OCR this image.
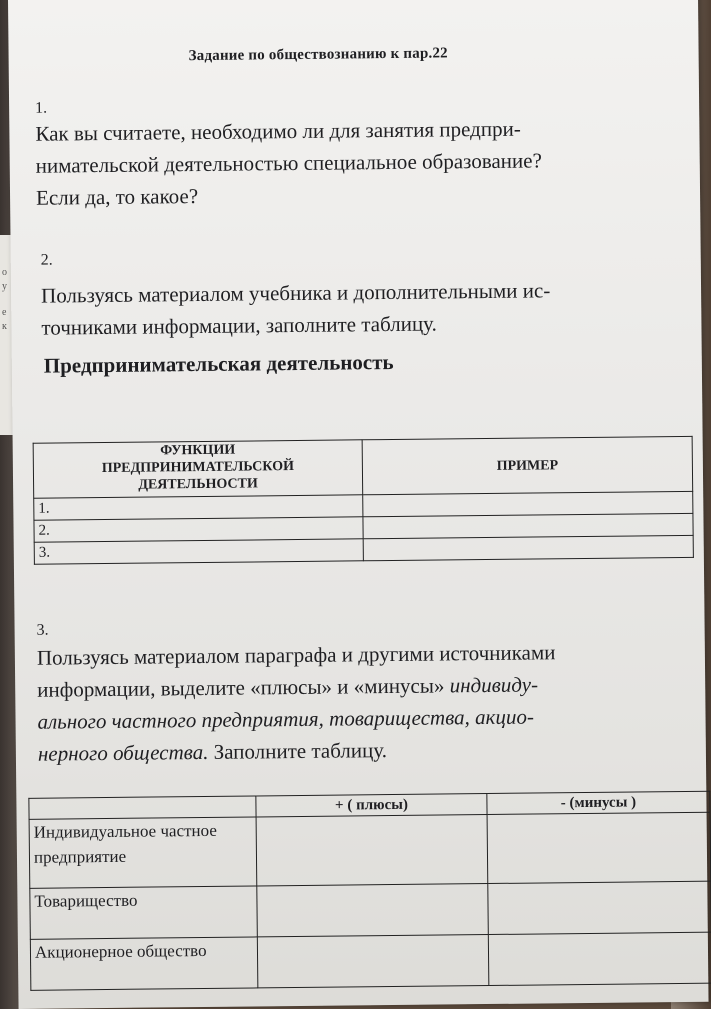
о
у
е
к
Задание по обществознанию к пар.22
1.
Как вы считаете, необходимо ли для занятия предпри-
нимательской деятельностью специальное образование?
Если да, то какое?
2.
Пользуясь материалом учебника и дополнительными ис-
точниками информации, заполните таблицу.
Предпринимательская деятельность
ФУНКЦИИ
ПРЕДПРИНИМАТЕЛЬСКОЙ
ДЕЯТЕЛЬНОСТИ	ПРИМЕР
1.	
2.	
3.	
3.
Пользуясь материалом параграфа и другими источниками
информации, выделите «плюсы» и «минусы» индивиду-
ального частного предприятия, товарищества, акцио-
нерного общества. Заполните таблицу.
	+ ( плюсы)	- (минусы )
Индивидуальное частное предприятие		
Товарищество		
Акционерное общество		
